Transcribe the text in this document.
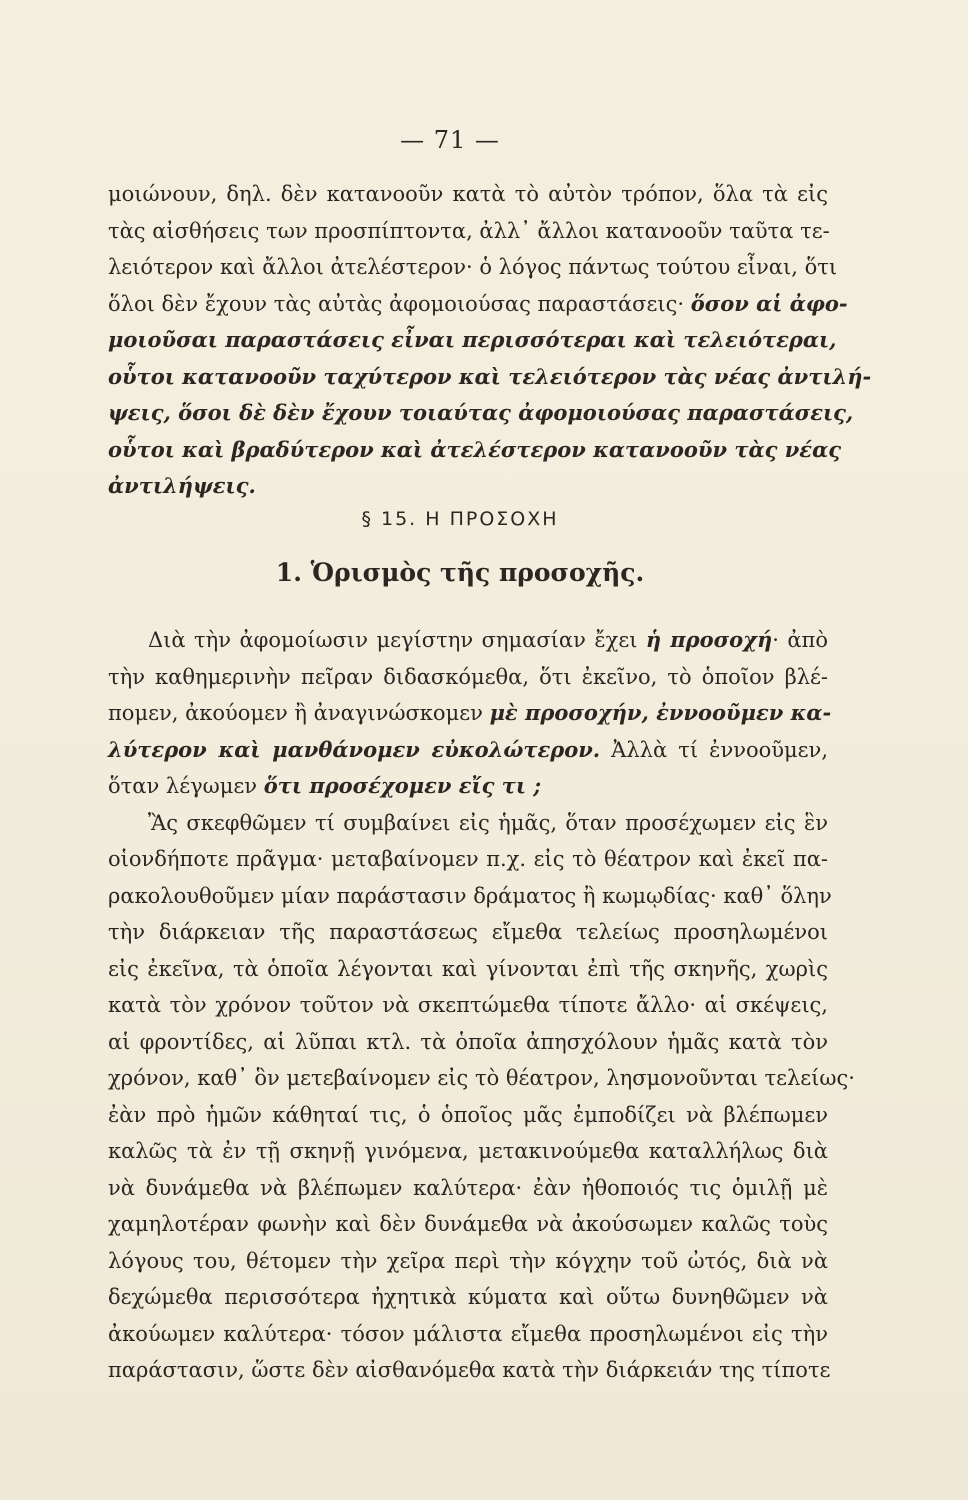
— 71 —
μοιώνουν, δηλ. δὲν κατανοοῦν κατὰ τὸ αὐτὸν τρόπον, ὅλα τὰ εἰς
τὰς αἰσθήσεις των προσπίπτοντα, ἀλλ᾿ ἄλλοι κατανοοῦν ταῦτα τε-
λειότερον καὶ ἄλλοι ἀτελέστερον· ὁ λόγος πάντως τούτου εἶναι, ὅτι
ὅλοι δὲν ἔχουν τὰς αὐτὰς ἀφομοιούσας παραστάσεις· ὅσον αἱ ἀφο-
μοιοῦσαι παραστάσεις εἶναι περισσότεραι καὶ τελειότεραι,
οὗτοι κατανοοῦν ταχύτερον καὶ τελειότερον τὰς νέας ἀντιλή-
ψεις, ὅσοι δὲ δὲν ἔχουν τοιαύτας ἀφομοιούσας παραστάσεις,
οὗτοι καὶ βραδύτερον καὶ ἀτελέστερον κατανοοῦν τὰς νέας
ἀντιλήψεις.
§ 15. Η ΠΡΟΣΟΧΗ
1. Ὁρισμὸς τῆς προσοχῆς.
Διὰ τὴν ἀφομοίωσιν μεγίστην σημασίαν ἔχει ἡ προσοχή· ἀπὸ
τὴν καθημερινὴν πεῖραν διδασκόμεθα, ὅτι ἐκεῖνο, τὸ ὁποῖον βλέ-
πομεν, ἀκούομεν ἢ ἀναγινώσκομεν μὲ προσοχήν, ἐννοοῦμεν κα-
λύτερον καὶ μανθάνομεν εὐκολώτερον. Ἀλλὰ τί ἐννοοῦμεν,
ὅταν λέγωμεν ὅτι προσέχομεν εἴς τι ;
Ἂς σκεφθῶμεν τί συμβαίνει εἰς ἡμᾶς, ὅταν προσέχωμεν εἰς ἓν
οἱονδήποτε πρᾶγμα· μεταβαίνομεν π.χ. εἰς τὸ θέατρον καὶ ἐκεῖ πα-
ρακολουθοῦμεν μίαν παράστασιν δράματος ἢ κωμῳδίας· καθ᾿ ὅλην
τὴν διάρκειαν τῆς παραστάσεως εἴμεθα τελείως προσηλωμένοι
εἰς ἐκεῖνα, τὰ ὁποῖα λέγονται καὶ γίνονται ἐπὶ τῆς σκηνῆς, χωρὶς
κατὰ τὸν χρόνον τοῦτον νὰ σκεπτώμεθα τίποτε ἄλλο· αἱ σκέψεις,
αἱ φροντίδες, αἱ λῦπαι κτλ. τὰ ὁποῖα ἀπησχόλουν ἡμᾶς κατὰ τὸν
χρόνον, καθ᾿ ὃν μετεβαίνομεν εἰς τὸ θέατρον, λησμονοῦνται τελείως·
ἐὰν πρὸ ἡμῶν κάθηταί τις, ὁ ὁποῖος μᾶς ἐμποδίζει νὰ βλέπωμεν
καλῶς τὰ ἐν τῇ σκηνῇ γινόμενα, μετακινούμεθα καταλλήλως διὰ
νὰ δυνάμεθα νὰ βλέπωμεν καλύτερα· ἐὰν ἠθοποιός τις ὁμιλῇ μὲ
χαμηλοτέραν φωνὴν καὶ δὲν δυνάμεθα νὰ ἀκούσωμεν καλῶς τοὺς
λόγους του, θέτομεν τὴν χεῖρα περὶ τὴν κόγχην τοῦ ὠτός, διὰ νὰ
δεχώμεθα περισσότερα ἠχητικὰ κύματα καὶ οὕτω δυνηθῶμεν νὰ
ἀκούωμεν καλύτερα· τόσον μάλιστα εἴμεθα προσηλωμένοι εἰς τὴν
παράστασιν, ὥστε δὲν αἰσθανόμεθα κατὰ τὴν διάρκειάν της τίποτε
